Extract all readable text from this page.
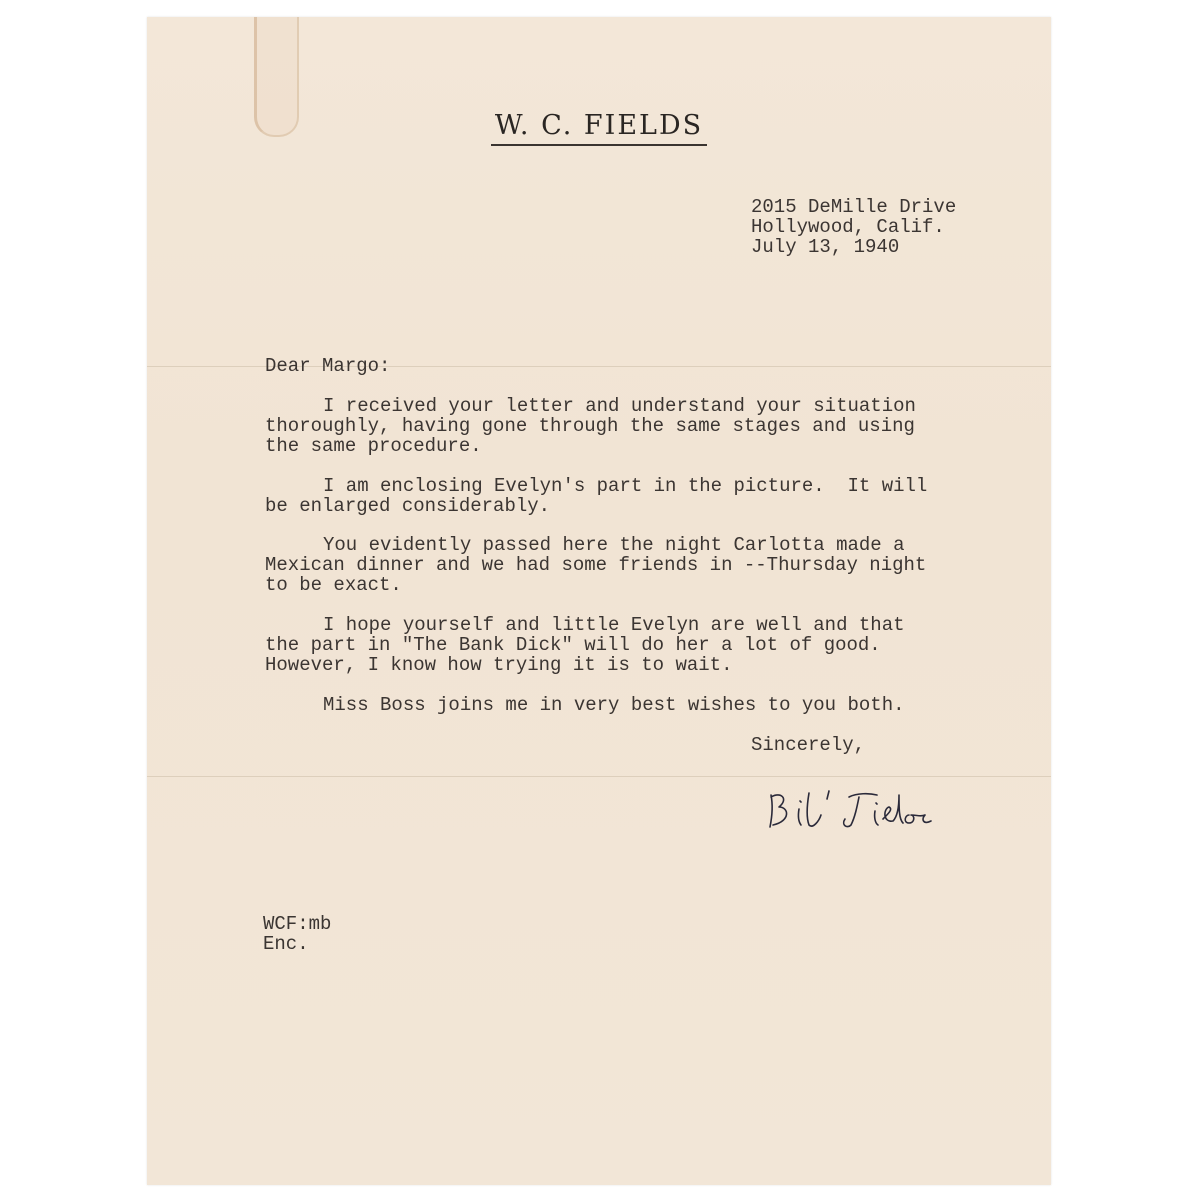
W. C. FIELDS
2015 DeMille Drive
Hollywood, Calif.
July 13, 1940
Dear Margo:
I received your letter and understand your situation
thoroughly, having gone through the same stages and using
the same procedure.
I am enclosing Evelyn's part in the picture.  It will
be enlarged considerably.
You evidently passed here the night Carlotta made a
Mexican dinner and we had some friends in --Thursday night
to be exact.
I hope yourself and little Evelyn are well and that
the part in "The Bank Dick" will do her a lot of good.
However, I know how trying it is to wait.
Miss Boss joins me in very best wishes to you both.
Sincerely,
WCF:mb
Enc.
